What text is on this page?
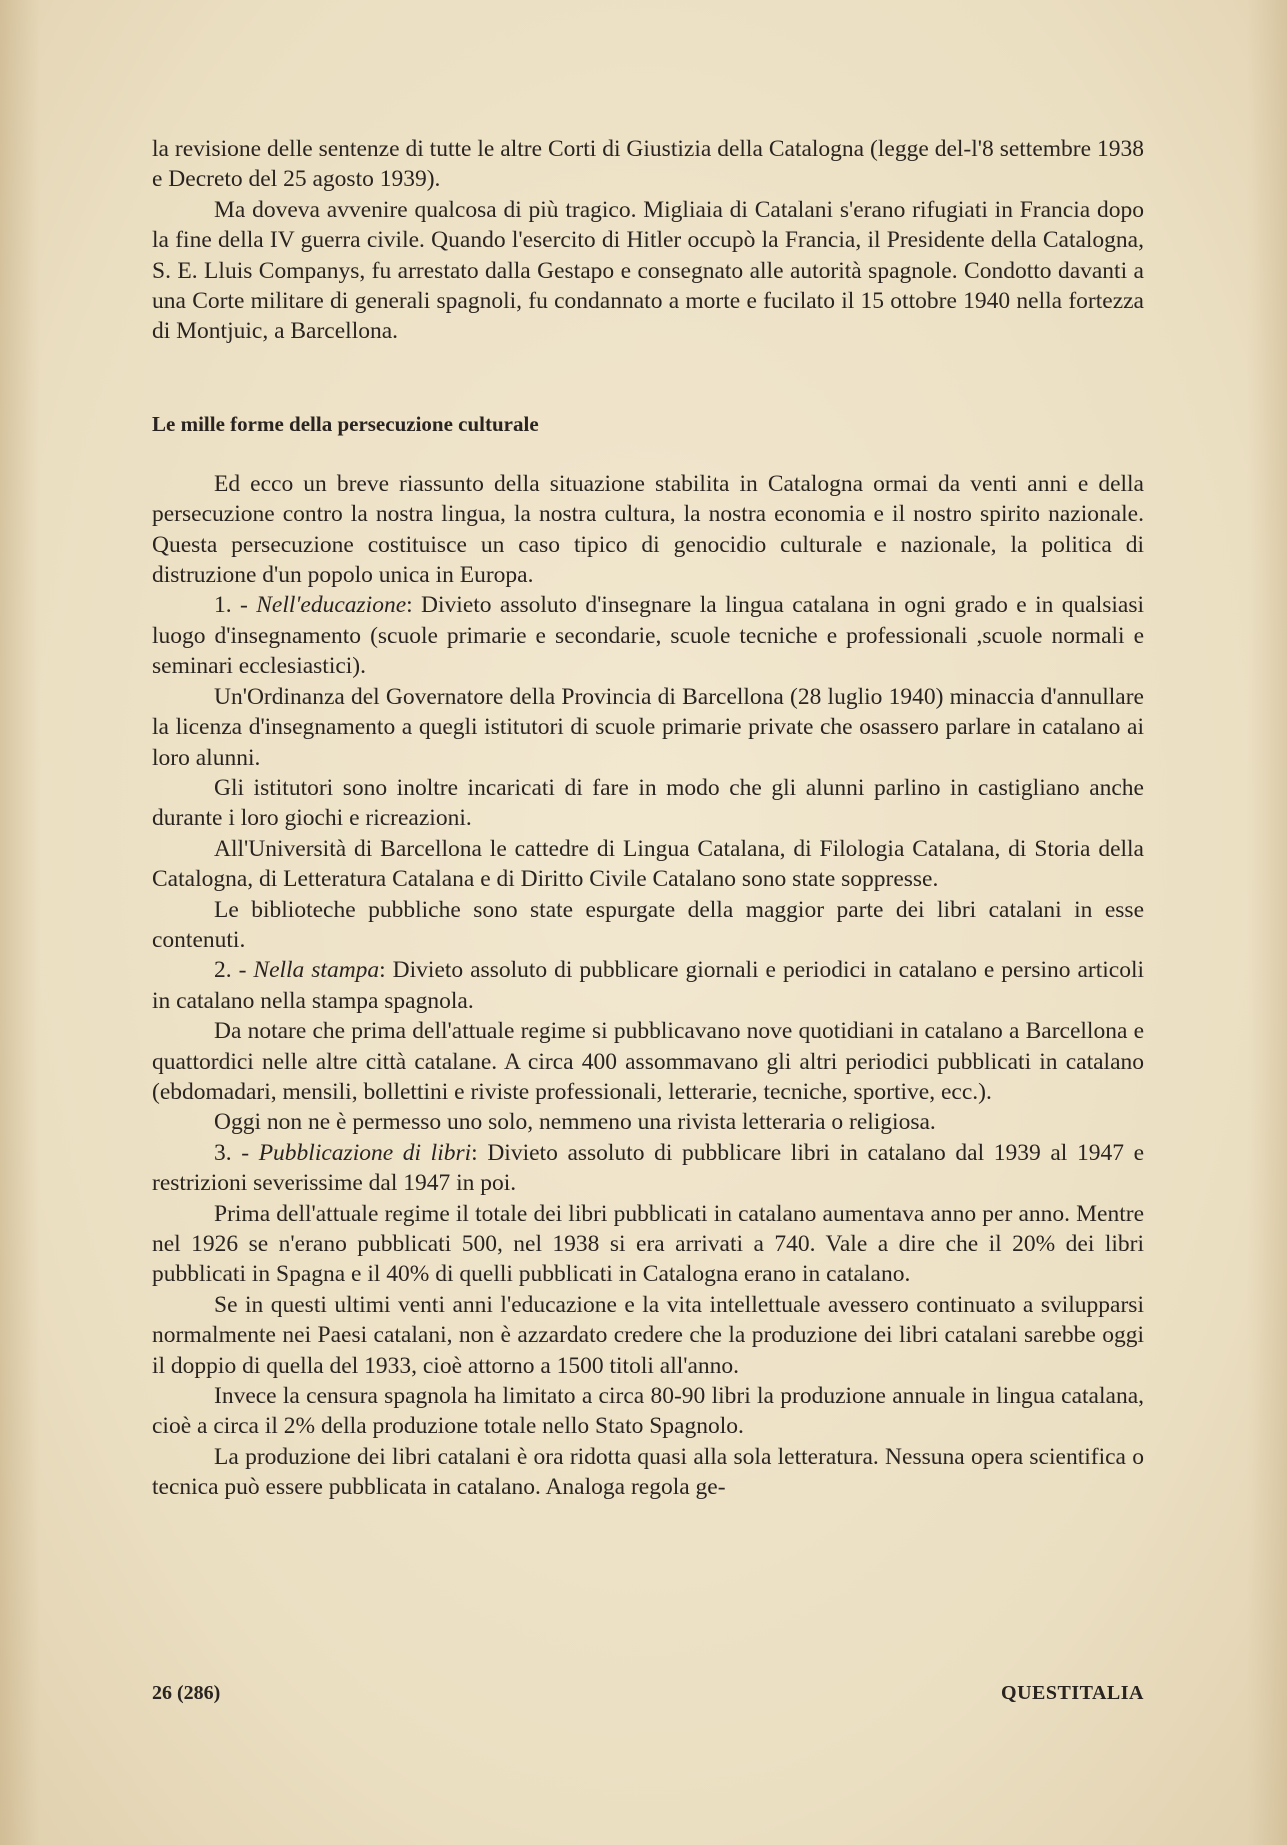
la revisione delle sentenze di tutte le altre Corti di Giustizia della Catalogna (legge del-l'8 settembre 1938 e Decreto del 25 agosto 1939).

Ma doveva avvenire qualcosa di più tragico. Migliaia di Catalani s'erano rifugiati in Francia dopo la fine della IV guerra civile. Quando l'esercito di Hitler occupò la Francia, il Presidente della Catalogna, S. E. Lluis Companys, fu arrestato dalla Gestapo e consegnato alle autorità spagnole. Condotto davanti a una Corte militare di generali spagnoli, fu condannato a morte e fucilato il 15 ottobre 1940 nella fortezza di Montjuic, a Barcellona.

Le mille forme della persecuzione culturale

Ed ecco un breve riassunto della situazione stabilita in Catalogna ormai da venti anni e della persecuzione contro la nostra lingua, la nostra cultura, la nostra economia e il nostro spirito nazionale. Questa persecuzione costituisce un caso tipico di genocidio culturale e nazionale, la politica di distruzione d'un popolo unica in Europa.

1. - Nell'educazione: Divieto assoluto d'insegnare la lingua catalana in ogni grado e in qualsiasi luogo d'insegnamento (scuole primarie e secondarie, scuole tecniche e professionali ,scuole normali e seminari ecclesiastici).

Un'Ordinanza del Governatore della Provincia di Barcellona (28 luglio 1940) minaccia d'annullare la licenza d'insegnamento a quegli istitutori di scuole primarie private che osassero parlare in catalano ai loro alunni.

Gli istitutori sono inoltre incaricati di fare in modo che gli alunni parlino in castigliano anche durante i loro giochi e ricreazioni.

All'Università di Barcellona le cattedre di Lingua Catalana, di Filologia Catalana, di Storia della Catalogna, di Letteratura Catalana e di Diritto Civile Catalano sono state soppresse.

Le biblioteche pubbliche sono state espurgate della maggior parte dei libri catalani in esse contenuti.

2. - Nella stampa: Divieto assoluto di pubblicare giornali e periodici in catalano e persino articoli in catalano nella stampa spagnola.

Da notare che prima dell'attuale regime si pubblicavano nove quotidiani in catalano a Barcellona e quattordici nelle altre città catalane. A circa 400 assommavano gli altri periodici pubblicati in catalano (ebdomadari, mensili, bollettini e riviste professionali, letterarie, tecniche, sportive, ecc.).

Oggi non ne è permesso uno solo, nemmeno una rivista letteraria o religiosa.

3. - Pubblicazione di libri: Divieto assoluto di pubblicare libri in catalano dal 1939 al 1947 e restrizioni severissime dal 1947 in poi.

Prima dell'attuale regime il totale dei libri pubblicati in catalano aumentava anno per anno. Mentre nel 1926 se n'erano pubblicati 500, nel 1938 si era arrivati a 740. Vale a dire che il 20% dei libri pubblicati in Spagna e il 40% di quelli pubblicati in Catalogna erano in catalano.

Se in questi ultimi venti anni l'educazione e la vita intellettuale avessero continuato a svilupparsi normalmente nei Paesi catalani, non è azzardato credere che la produzione dei libri catalani sarebbe oggi il doppio di quella del 1933, cioè attorno a 1500 titoli all'anno.

Invece la censura spagnola ha limitato a circa 80-90 libri la produzione annuale in lingua catalana, cioè a circa il 2% della produzione totale nello Stato Spagnolo.

La produzione dei libri catalani è ora ridotta quasi alla sola letteratura. Nessuna opera scientifica o tecnica può essere pubblicata in catalano. Analoga regola ge-

26 (286)	QUESTITALIA
